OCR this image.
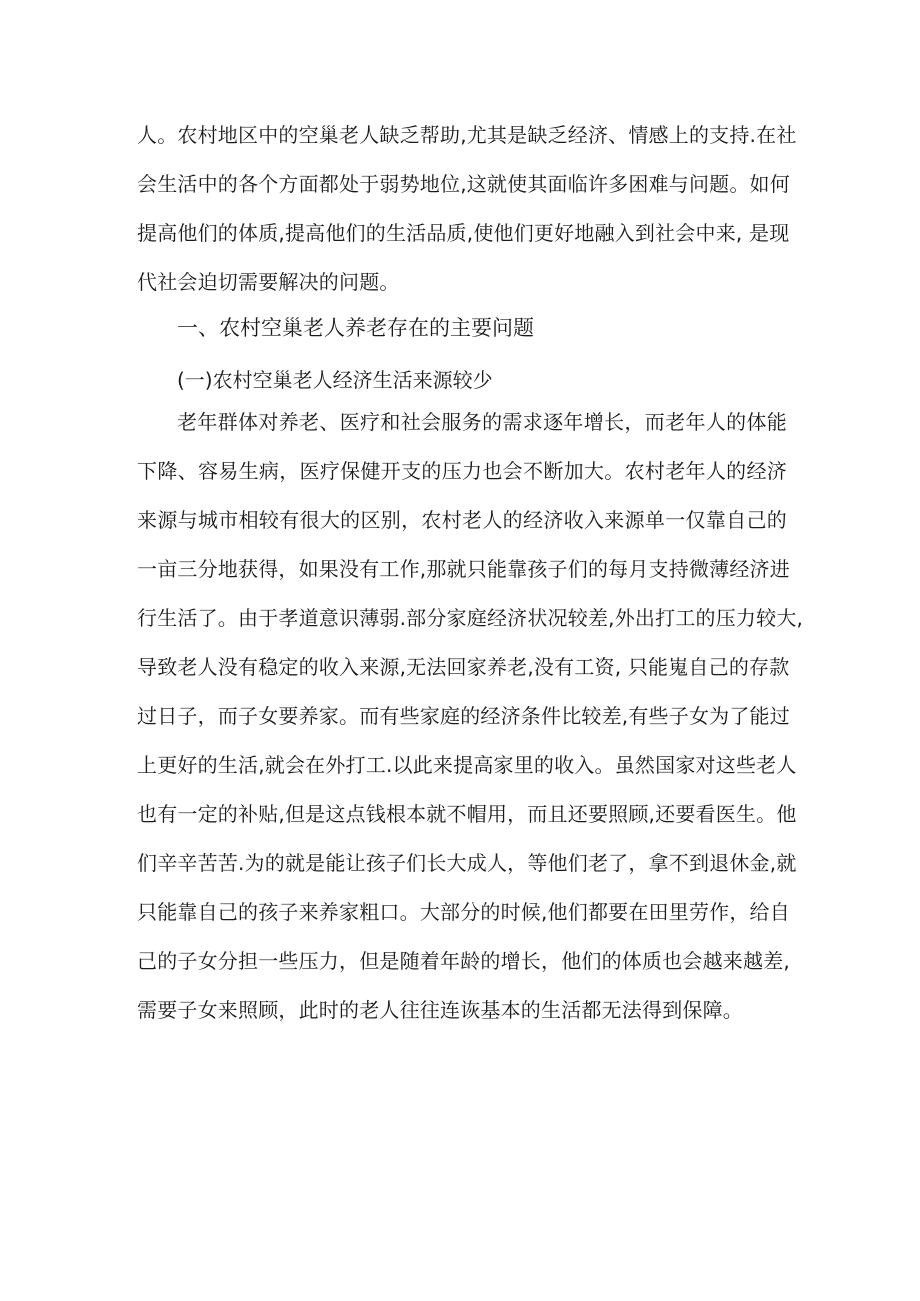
人。农村地区中的空巢老人缺乏帮助,尤其是缺乏经济、情感上的支持.在社
会生活中的各个方面都处于弱势地位,这就使其面临许多困难与问题。如何
提高他们的体质,提高他们的生活品质,使他们更好地融入到社会中来, 是现
代社会迫切需要解决的问题。
一、农村空巢老人养老存在的主要问题
(一)农村空巢老人经济生活来源较少
老年群体对养老、医疗和社会服务的需求逐年增长，而老年人的体能
下降、容易生病，医疗保健开支的压力也会不断加大。农村老年人的经济
来源与城市相较有很大的区别，农村老人的经济收入来源单一仅靠自己的
一亩三分地获得，如果没有工作,那就只能靠孩子们的每月支持微薄经济进
行生活了。由于孝道意识薄弱.部分家庭经济状况较差,外出打工的压力较大,
导致老人没有稳定的收入来源,无法回家养老,没有工资, 只能嵬自己的存款
过日子，而子女要养家。而有些家庭的经济条件比较差,有些子女为了能过
上更好的生活,就会在外打工.以此来提高家里的收入。虽然国家对这些老人
也有一定的补贴,但是这点钱根本就不帽用，而且还要照顾,还要看医生。他
们辛辛苦苦.为的就是能让孩子们长大成人，等他们老了，拿不到退休金,就
只能靠自己的孩子来养家粗口。大部分的时候,他们都要在田里劳作，给自
己的子女分担一些压力，但是随着年龄的增长，他们的体质也会越来越差,
需要子女来照顾，此时的老人往往连诙基本的生活都无法得到保障。
